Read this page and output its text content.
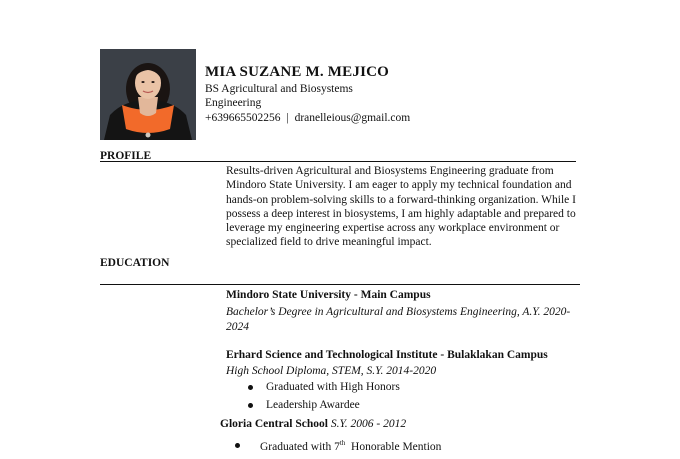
MIA SUZANE M. MEJICO
BS Agricultural and Biosystems Engineering
+639665502256 | dranelleious@gmail.com
PROFILE
Results-driven Agricultural and Biosystems Engineering graduate from Mindoro State University. I am eager to apply my technical foundation and hands-on problem-solving skills to a forward-thinking organization. While I possess a deep interest in biosystems, I am highly adaptable and prepared to leverage my engineering expertise across any workplace environment or specialized field to drive meaningful impact.
EDUCATION
Mindoro State University - Main Campus
Bachelor’s Degree in Agricultural and Biosystems Engineering, A.Y. 2020-2024
Erhard Science and Technological Institute - Bulaklakan Campus
High School Diploma, STEM, S.Y. 2014-2020
Graduated with High Honors
Leadership Awardee
Gloria Central School S.Y. 2006 - 2012
Graduated with 7th  Honorable Mention
